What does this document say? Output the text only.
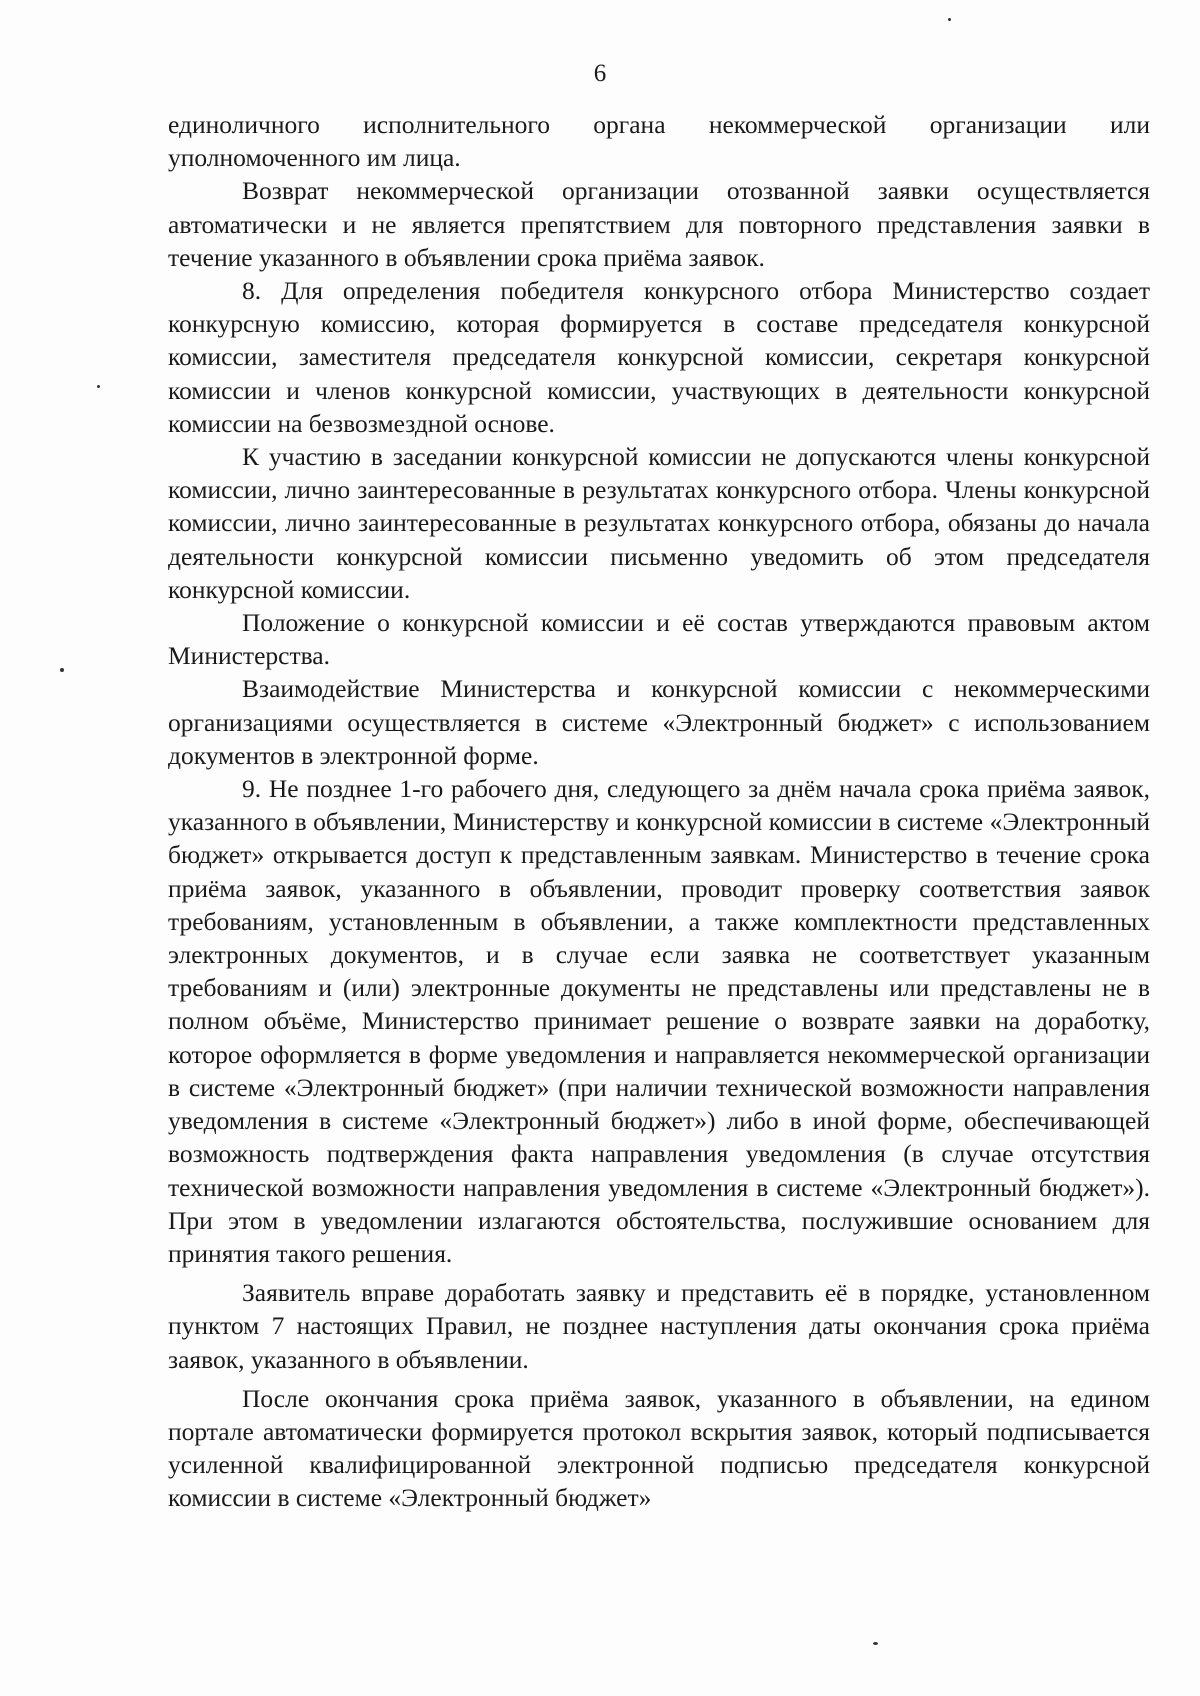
6

единоличного исполнительного органа некоммерческой организации или уполномоченного им лица.

Возврат некоммерческой организации отозванной заявки осуществляется автоматически и не является препятствием для повторного представления заявки в течение указанного в объявлении срока приёма заявок.

8. Для определения победителя конкурсного отбора Министерство создает конкурсную комиссию, которая формируется в составе председателя конкурсной комиссии, заместителя председателя конкурсной комиссии, секретаря конкурсной комиссии и членов конкурсной комиссии, участвующих в деятельности конкурсной комиссии на безвозмездной основе.

К участию в заседании конкурсной комиссии не допускаются члены конкурсной комиссии, лично заинтересованные в результатах конкурсного отбора. Члены конкурсной комиссии, лично заинтересованные в результатах конкурсного отбора, обязаны до начала деятельности конкурсной комиссии письменно уведомить об этом председателя конкурсной комиссии.

Положение о конкурсной комиссии и её состав утверждаются правовым актом Министерства.

Взаимодействие Министерства и конкурсной комиссии с некоммерческими организациями осуществляется в системе «Электронный бюджет» с использованием документов в электронной форме.

9. Не позднее 1-го рабочего дня, следующего за днём начала срока приёма заявок, указанного в объявлении, Министерству и конкурсной комиссии в системе «Электронный бюджет» открывается доступ к представленным заявкам. Министерство в течение срока приёма заявок, указанного в объявлении, проводит проверку соответствия заявок требованиям, установленным в объявлении, а также комплектности представленных электронных документов, и в случае если заявка не соответствует указанным требованиям и (или) электронные документы не представлены или представлены не в полном объёме, Министерство принимает решение о возврате заявки на доработку, которое оформляется в форме уведомления и направляется некоммерческой организации в системе «Электронный бюджет» (при наличии технической возможности направления уведомления в системе «Электронный бюджет») либо в иной форме, обеспечивающей возможность подтверждения факта направления уведомления (в случае отсутствия технической возможности направления уведомления в системе «Электронный бюджет»). При этом в уведомлении излагаются обстоятельства, послужившие основанием для принятия такого решения.

Заявитель вправе доработать заявку и представить её в порядке, установленном пунктом 7 настоящих Правил, не позднее наступления даты окончания срока приёма заявок, указанного в объявлении.

После окончания срока приёма заявок, указанного в объявлении, на едином портале автоматически формируется протокол вскрытия заявок, который подписывается усиленной квалифицированной электронной подписью председателя конкурсной комиссии в системе «Электронный бюджет»
